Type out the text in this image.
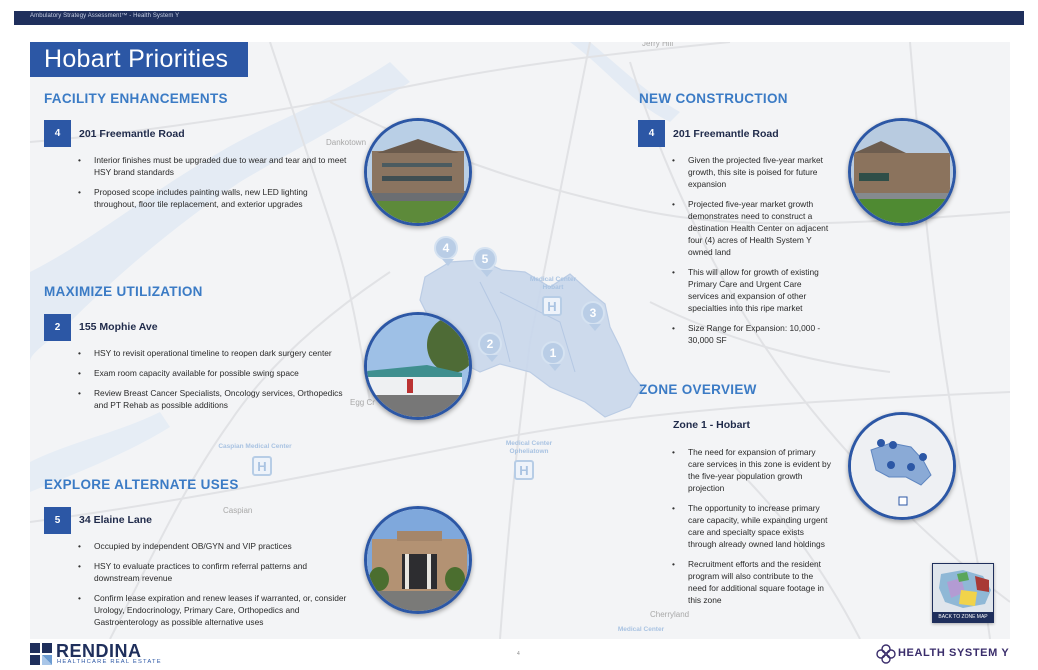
Ambulatory Strategy Assessment™ - Health System Y
Jerry Hill
Dankotown
Egg Cr
Caspian
Cherryland
Medical Center
Hobart
H
Caspian Medical Center
H
Medical Center
Opheliatown
H
Medical Center
1
2
3
4
5
Hobart Priorities
FACILITY ENHANCEMENTS
4	201 Freemantle Road
• Interior finishes must be upgraded due to wear and tear and to meet HSY brand standards
• Proposed scope includes painting walls, new LED lighting throughout, floor tile replacement, and exterior upgrades
MAXIMIZE UTILIZATION
2	155 Mophie Ave
• HSY to revisit operational timeline to reopen dark surgery center
• Exam room capacity available for possible swing space
• Review Breast Cancer Specialists, Oncology services, Orthopedics and PT Rehab as possible additions
EXPLORE ALTERNATE USES
5	34 Elaine Lane
• Occupied by independent OB/GYN and VIP practices
• HSY to evaluate practices to confirm referral patterns and downstream revenue
• Confirm lease expiration and renew leases if warranted, or, consider Urology, Endocrinology, Primary Care, Orthopedics and Gastroenterology as possible alternative uses
NEW CONSTRUCTION
4	201 Freemantle Road
• Given the projected five-year market growth, this site is poised for future expansion
• Projected five-year market growth demonstrates need to construct a destination Health Center on adjacent four (4) acres of Health System Y owned land
• This will allow for growth of existing Primary Care and Urgent Care services and expansion of other specialties into this ripe market
• Size Range for Expansion: 10,000 - 30,000 SF
ZONE OVERVIEW
Zone 1 - Hobart
• The need for expansion of primary care services in this zone is evident by the five-year population growth projection
• The opportunity to increase primary care capacity, while expanding urgent care and specialty space exists through already owned land holdings
• Recruitment efforts and the resident program will also contribute to the need for additional square footage in this zone
BACK TO ZONE MAP
RENDINA
HEALTHCARE REAL ESTATE
4	HEALTH SYSTEM Y
